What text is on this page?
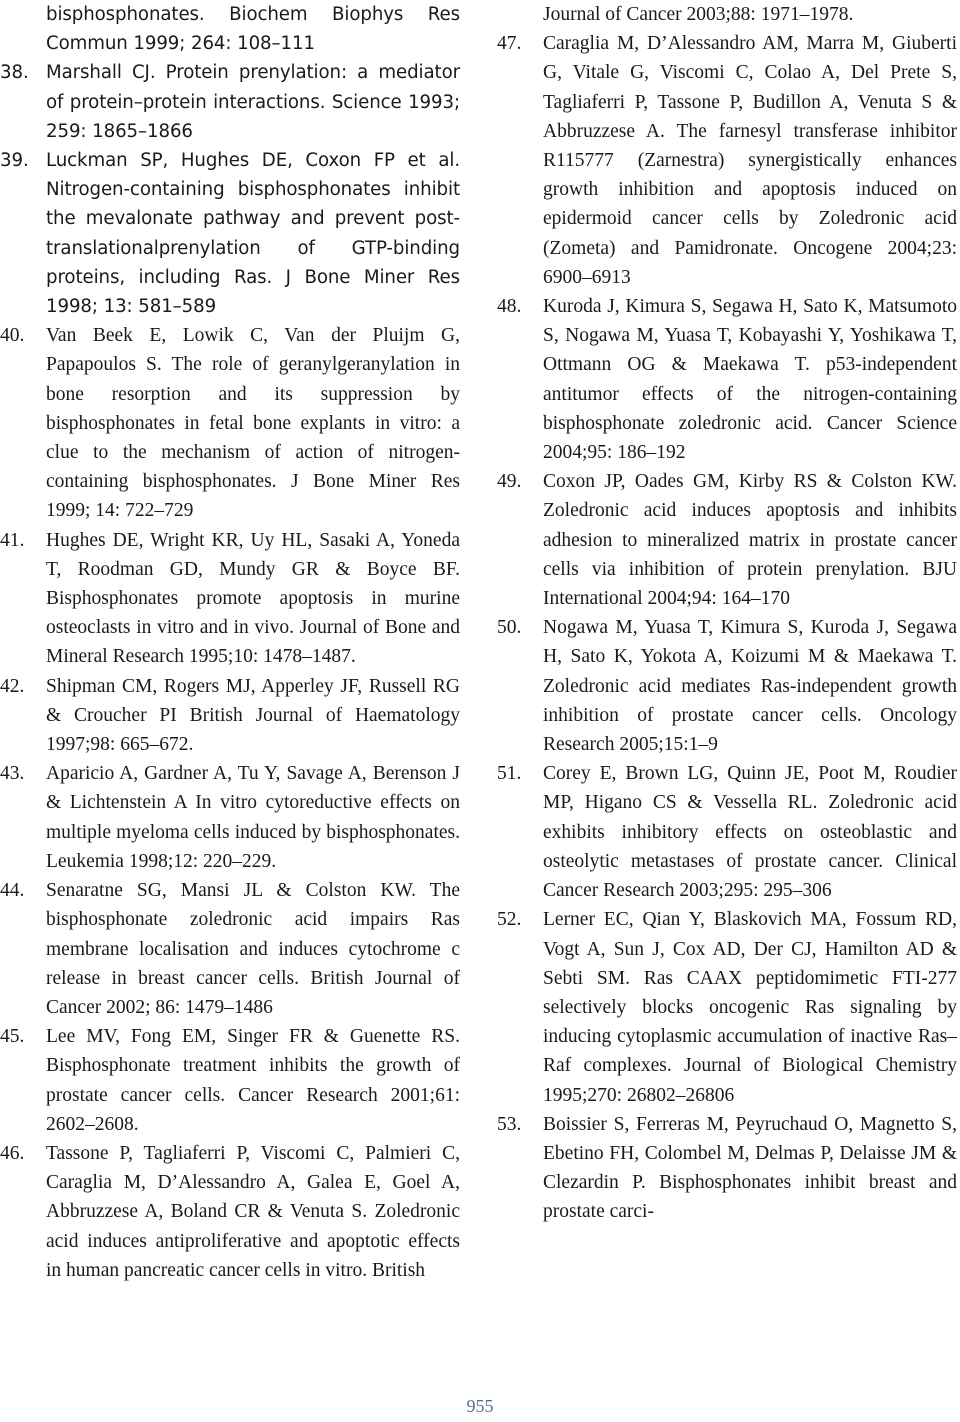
bisphosphonates. Biochem Biophys Res Commun 1999; 264: 108–111
38. Marshall CJ. Protein prenylation: a mediator of protein–protein interactions. Science 1993; 259: 1865–1866
39. Luckman SP, Hughes DE, Coxon FP et al. Nitrogen-containing bisphosphonates inhibit the mevalonate pathway and prevent post-translationalprenylation of GTP-binding proteins, including Ras. J Bone Miner Res 1998; 13: 581–589
40. Van Beek E, Lowik C, Van der Pluijm G, Papapoulos S. The role of geranylgeranylation in bone resorption and its suppression by bisphosphonates in fetal bone explants in vitro: a clue to the mechanism of action of nitrogen-containing bisphosphonates. J Bone Miner Res 1999; 14: 722–729
41. Hughes DE, Wright KR, Uy HL, Sasaki A, Yoneda T, Roodman GD, Mundy GR & Boyce BF. Bisphosphonates promote apoptosis in murine osteoclasts in vitro and in vivo. Journal of Bone and Mineral Research 1995;10: 1478–1487.
42. Shipman CM, Rogers MJ, Apperley JF, Russell RG & Croucher PI British Journal of Haematology 1997;98: 665–672.
43. Aparicio A, Gardner A, Tu Y, Savage A, Berenson J & Lichtenstein A In vitro cytoreductive effects on multiple myeloma cells induced by bisphosphonates. Leukemia 1998;12: 220–229.
44. Senaratne SG, Mansi JL & Colston KW. The bisphosphonate zoledronic acid impairs Ras membrane localisation and induces cytochrome c release in breast cancer cells. British Journal of Cancer 2002; 86: 1479–1486
45. Lee MV, Fong EM, Singer FR & Guenette RS. Bisphosphonate treatment inhibits the growth of prostate cancer cells. Cancer Research 2001;61: 2602–2608.
46. Tassone P, Tagliaferri P, Viscomi C, Palmieri C, Caraglia M, D’Alessandro A, Galea E, Goel A, Abbruzzese A, Boland CR & Venuta S. Zoledronic acid induces antiproliferative and apoptotic effects in human pancreatic cancer cells in vitro. British
Journal of Cancer 2003;88: 1971–1978.
47. Caraglia M, D’Alessandro AM, Marra M, Giuberti G, Vitale G, Viscomi C, Colao A, Del Prete S, Tagliaferri P, Tassone P, Budillon A, Venuta S & Abbruzzese A. The farnesyl transferase inhibitor R115777 (Zarnestra) synergistically enhances growth inhibition and apoptosis induced on epidermoid cancer cells by Zoledronic acid (Zometa) and Pamidronate. Oncogene 2004;23: 6900–6913
48. Kuroda J, Kimura S, Segawa H, Sato K, Matsumoto S, Nogawa M, Yuasa T, Kobayashi Y, Yoshikawa T, Ottmann OG & Maekawa T. p53-independent antitumor effects of the nitrogen-containing bisphosphonate zoledronic acid. Cancer Science 2004;95: 186–192
49. Coxon JP, Oades GM, Kirby RS & Colston KW. Zoledronic acid induces apoptosis and inhibits adhesion to mineralized matrix in prostate cancer cells via inhibition of protein prenylation. BJU International 2004;94: 164–170
50. Nogawa M, Yuasa T, Kimura S, Kuroda J, Segawa H, Sato K, Yokota A, Koizumi M & Maekawa T. Zoledronic acid mediates Ras-independent growth inhibition of prostate cancer cells. Oncology Research 2005;15:1–9
51. Corey E, Brown LG, Quinn JE, Poot M, Roudier MP, Higano CS & Vessella RL. Zoledronic acid exhibits inhibitory effects on osteoblastic and osteolytic metastases of prostate cancer. Clinical Cancer Research 2003;295: 295–306
52. Lerner EC, Qian Y, Blaskovich MA, Fossum RD, Vogt A, Sun J, Cox AD, Der CJ, Hamilton AD & Sebti SM. Ras CAAX peptidomimetic FTI-277 selectively blocks oncogenic Ras signaling by inducing cytoplasmic accumulation of inactive Ras–Raf complexes. Journal of Biological Chemistry 1995;270: 26802–26806
53. Boissier S, Ferreras M, Peyruchaud O, Magnetto S, Ebetino FH, Colombel M, Delmas P, Delaisse JM & Clezardin P. Bisphosphonates inhibit breast and prostate carci-
955
